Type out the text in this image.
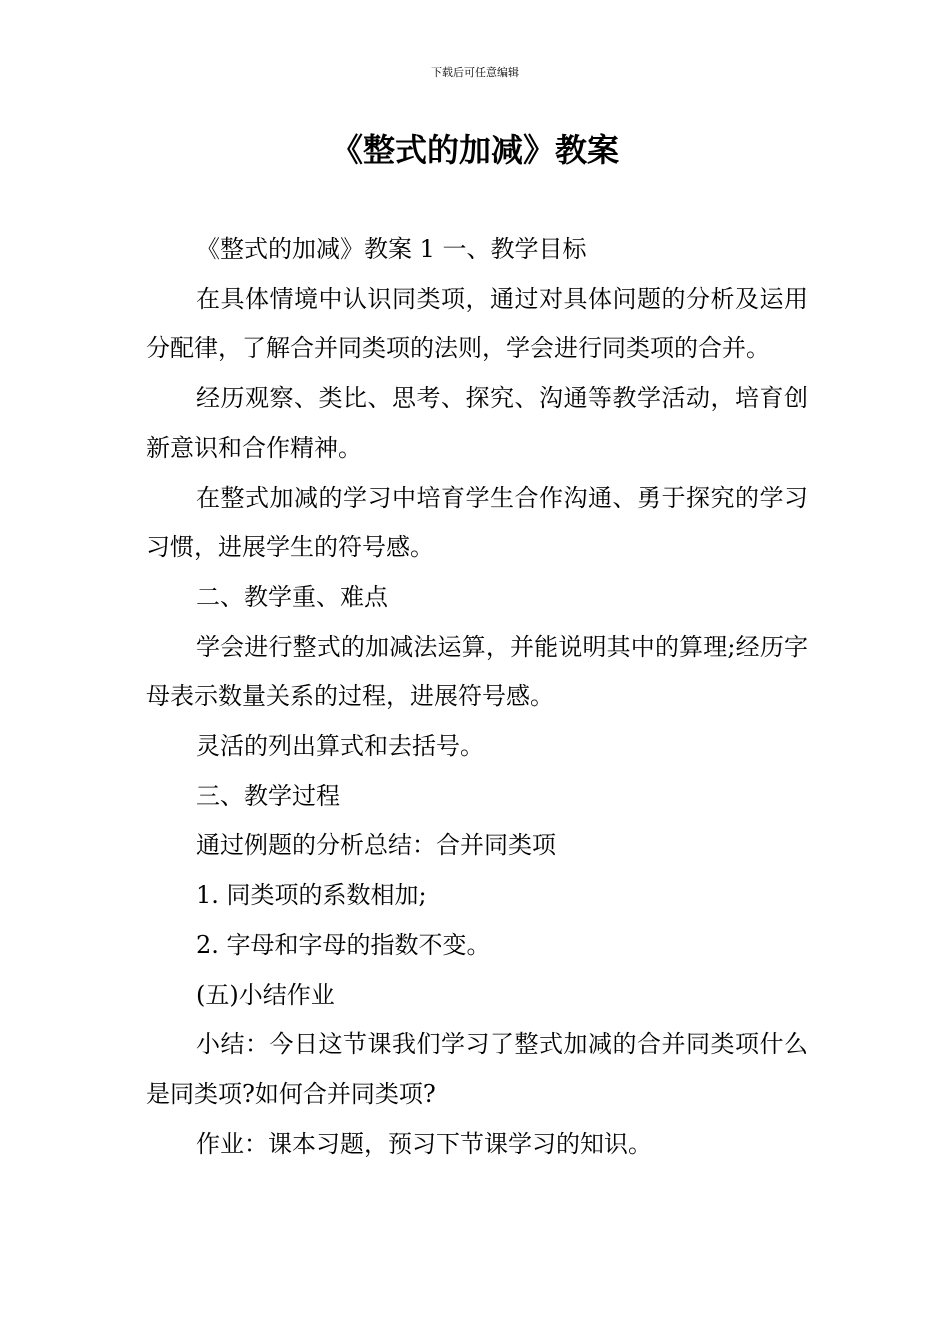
下载后可任意编辑
《整式的加减》教案

《整式的加减》教案 1 一、教学目标

在具体情境中认识同类项，通过对具体问题的分析及运用分配律，了解合并同类项的法则，学会进行同类项的合并。

经历观察、类比、思考、探究、沟通等教学活动，培育创新意识和合作精神。

在整式加减的学习中培育学生合作沟通、勇于探究的学习习惯，进展学生的符号感。

二、教学重、难点

学会进行整式的加减法运算，并能说明其中的算理;经历字母表示数量关系的过程，进展符号感。

灵活的列出算式和去括号。

三、教学过程

通过例题的分析总结：合并同类项

1. 同类项的系数相加;

2. 字母和字母的指数不变。

(五)小结作业

小结：今日这节课我们学习了整式加减的合并同类项什么是同类项?如何合并同类项?

作业：课本习题，预习下节课学习的知识。
